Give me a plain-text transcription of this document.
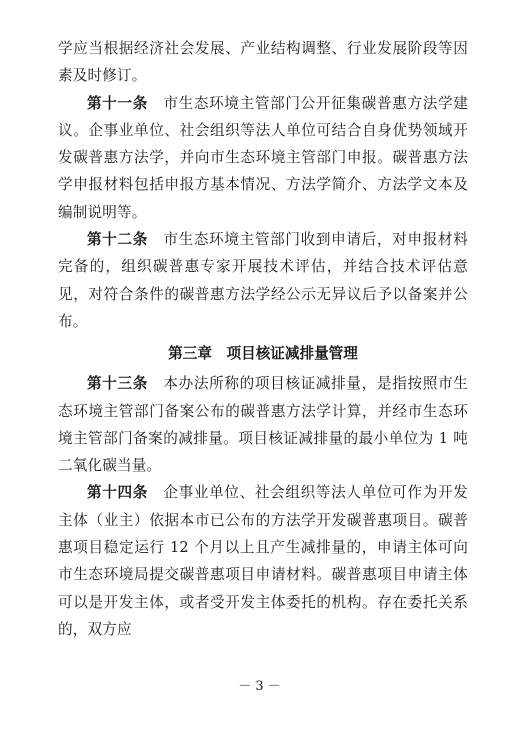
学应当根据经济社会发展、产业结构调整、行业发展阶段等因素及时修订。

第十一条　 市生态环境主管部门公开征集碳普惠方法学建议。企事业单位、社会组织等法人单位可结合自身优势领域开发碳普惠方法学，并向市生态环境主管部门申报。碳普惠方法学申报材料包括申报方基本情况、方法学简介、方法学文本及编制说明等。

第十二条　 市生态环境主管部门收到申请后，对申报材料完备的，组织碳普惠专家开展技术评估，并结合技术评估意见，对符合条件的碳普惠方法学经公示无异议后予以备案并公布。

第三章　项目核证减排量管理

第十三条　 本办法所称的项目核证减排量，是指按照市生态环境主管部门备案公布的碳普惠方法学计算，并经市生态环境主管部门备案的减排量。项目核证减排量的最小单位为 1 吨二氧化碳当量。

第十四条　 企事业单位、社会组织等法人单位可作为开发主体（业主）依据本市已公布的方法学开发碳普惠项目。碳普惠项目稳定运行 12 个月以上且产生减排量的，申请主体可向市生态环境局提交碳普惠项目申请材料。碳普惠项目申请主体可以是开发主体，或者受开发主体委托的机构。存在委托关系的，双方应

－ 3 －
